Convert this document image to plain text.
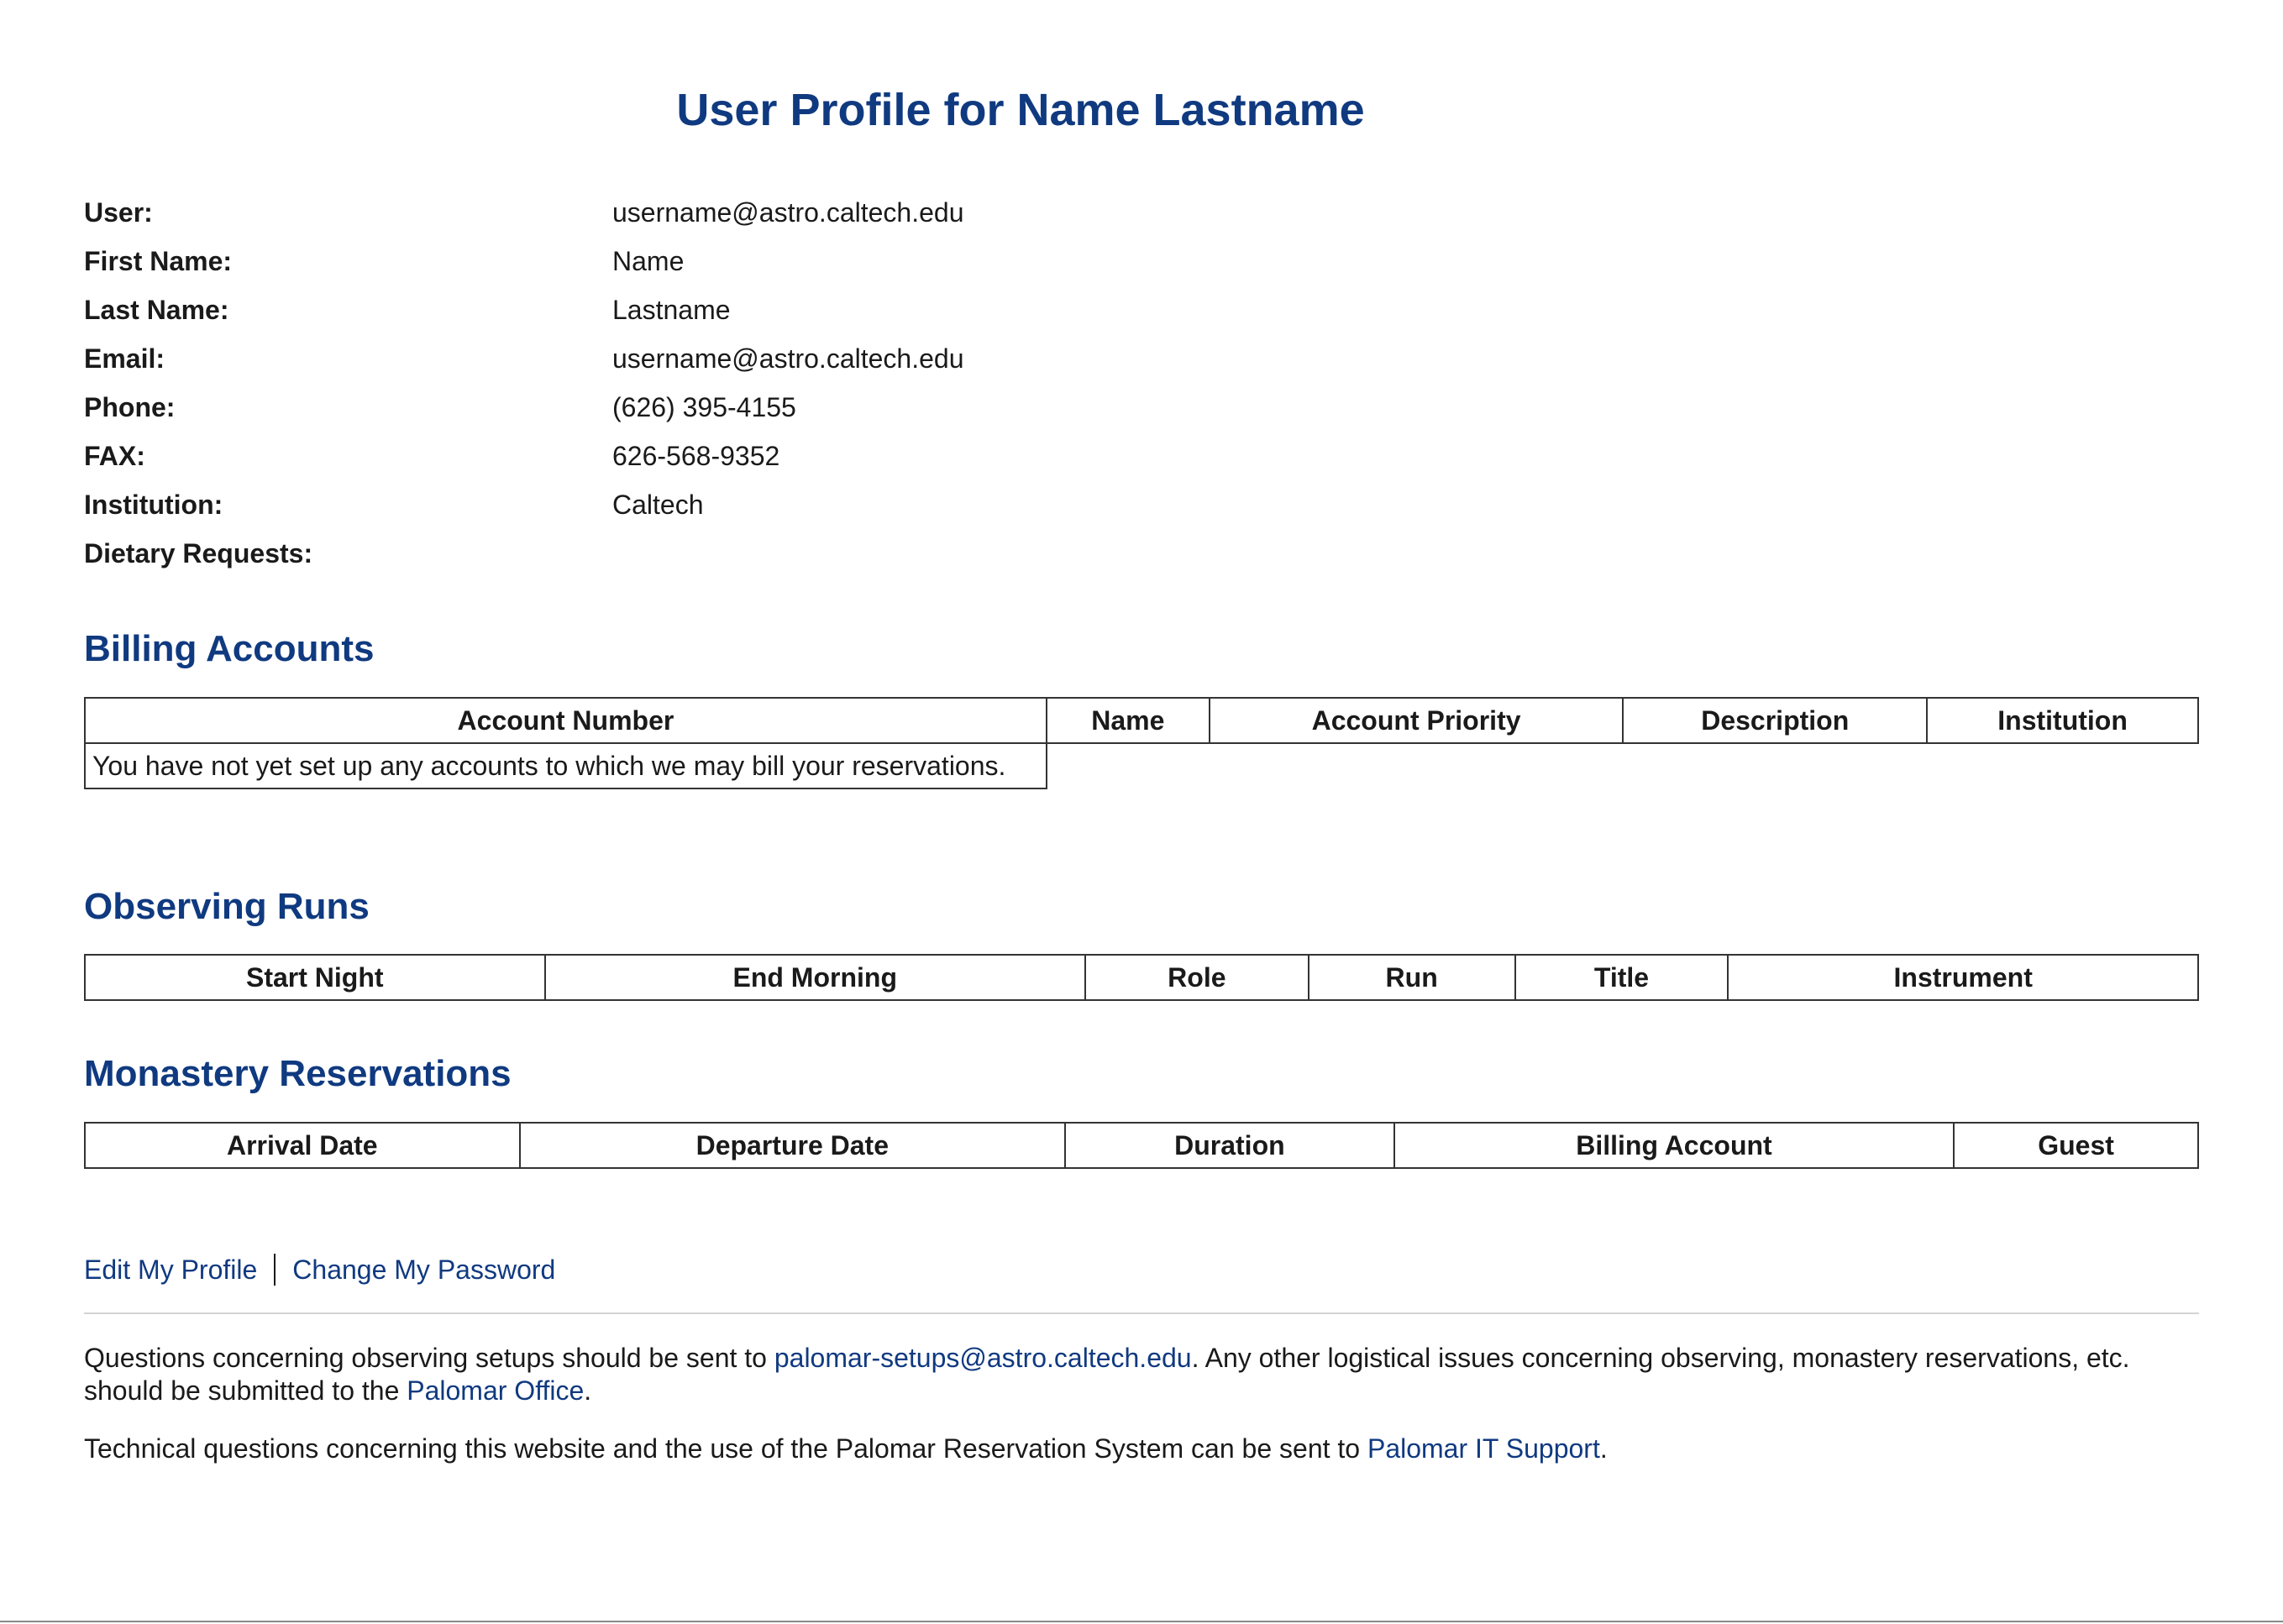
User Profile for Name Lastname
User:	username@astro.caltech.edu
First Name:	Name
Last Name:	Lastname
Email:	username@astro.caltech.edu
Phone:	(626) 395-4155
FAX:	626-568-9352
Institution:	Caltech
Dietary Requests:
Billing Accounts
Account Number	Name	Account Priority	Description	Institution
You have not yet set up any accounts to which we may bill your reservations.				
Observing Runs
Start Night	End Morning	Role	Run	Title	Instrument
Monastery Reservations
Arrival Date	Departure Date	Duration	Billing Account	Guest
Edit My Profile Change My Password

Questions concerning observing setups should be sent to palomar-setups@astro.caltech.edu. Any other logistical issues concerning observing, monastery reservations, etc. should be submitted to the Palomar Office.

Technical questions concerning this website and the use of the Palomar Reservation System can be sent to Palomar IT Support.
